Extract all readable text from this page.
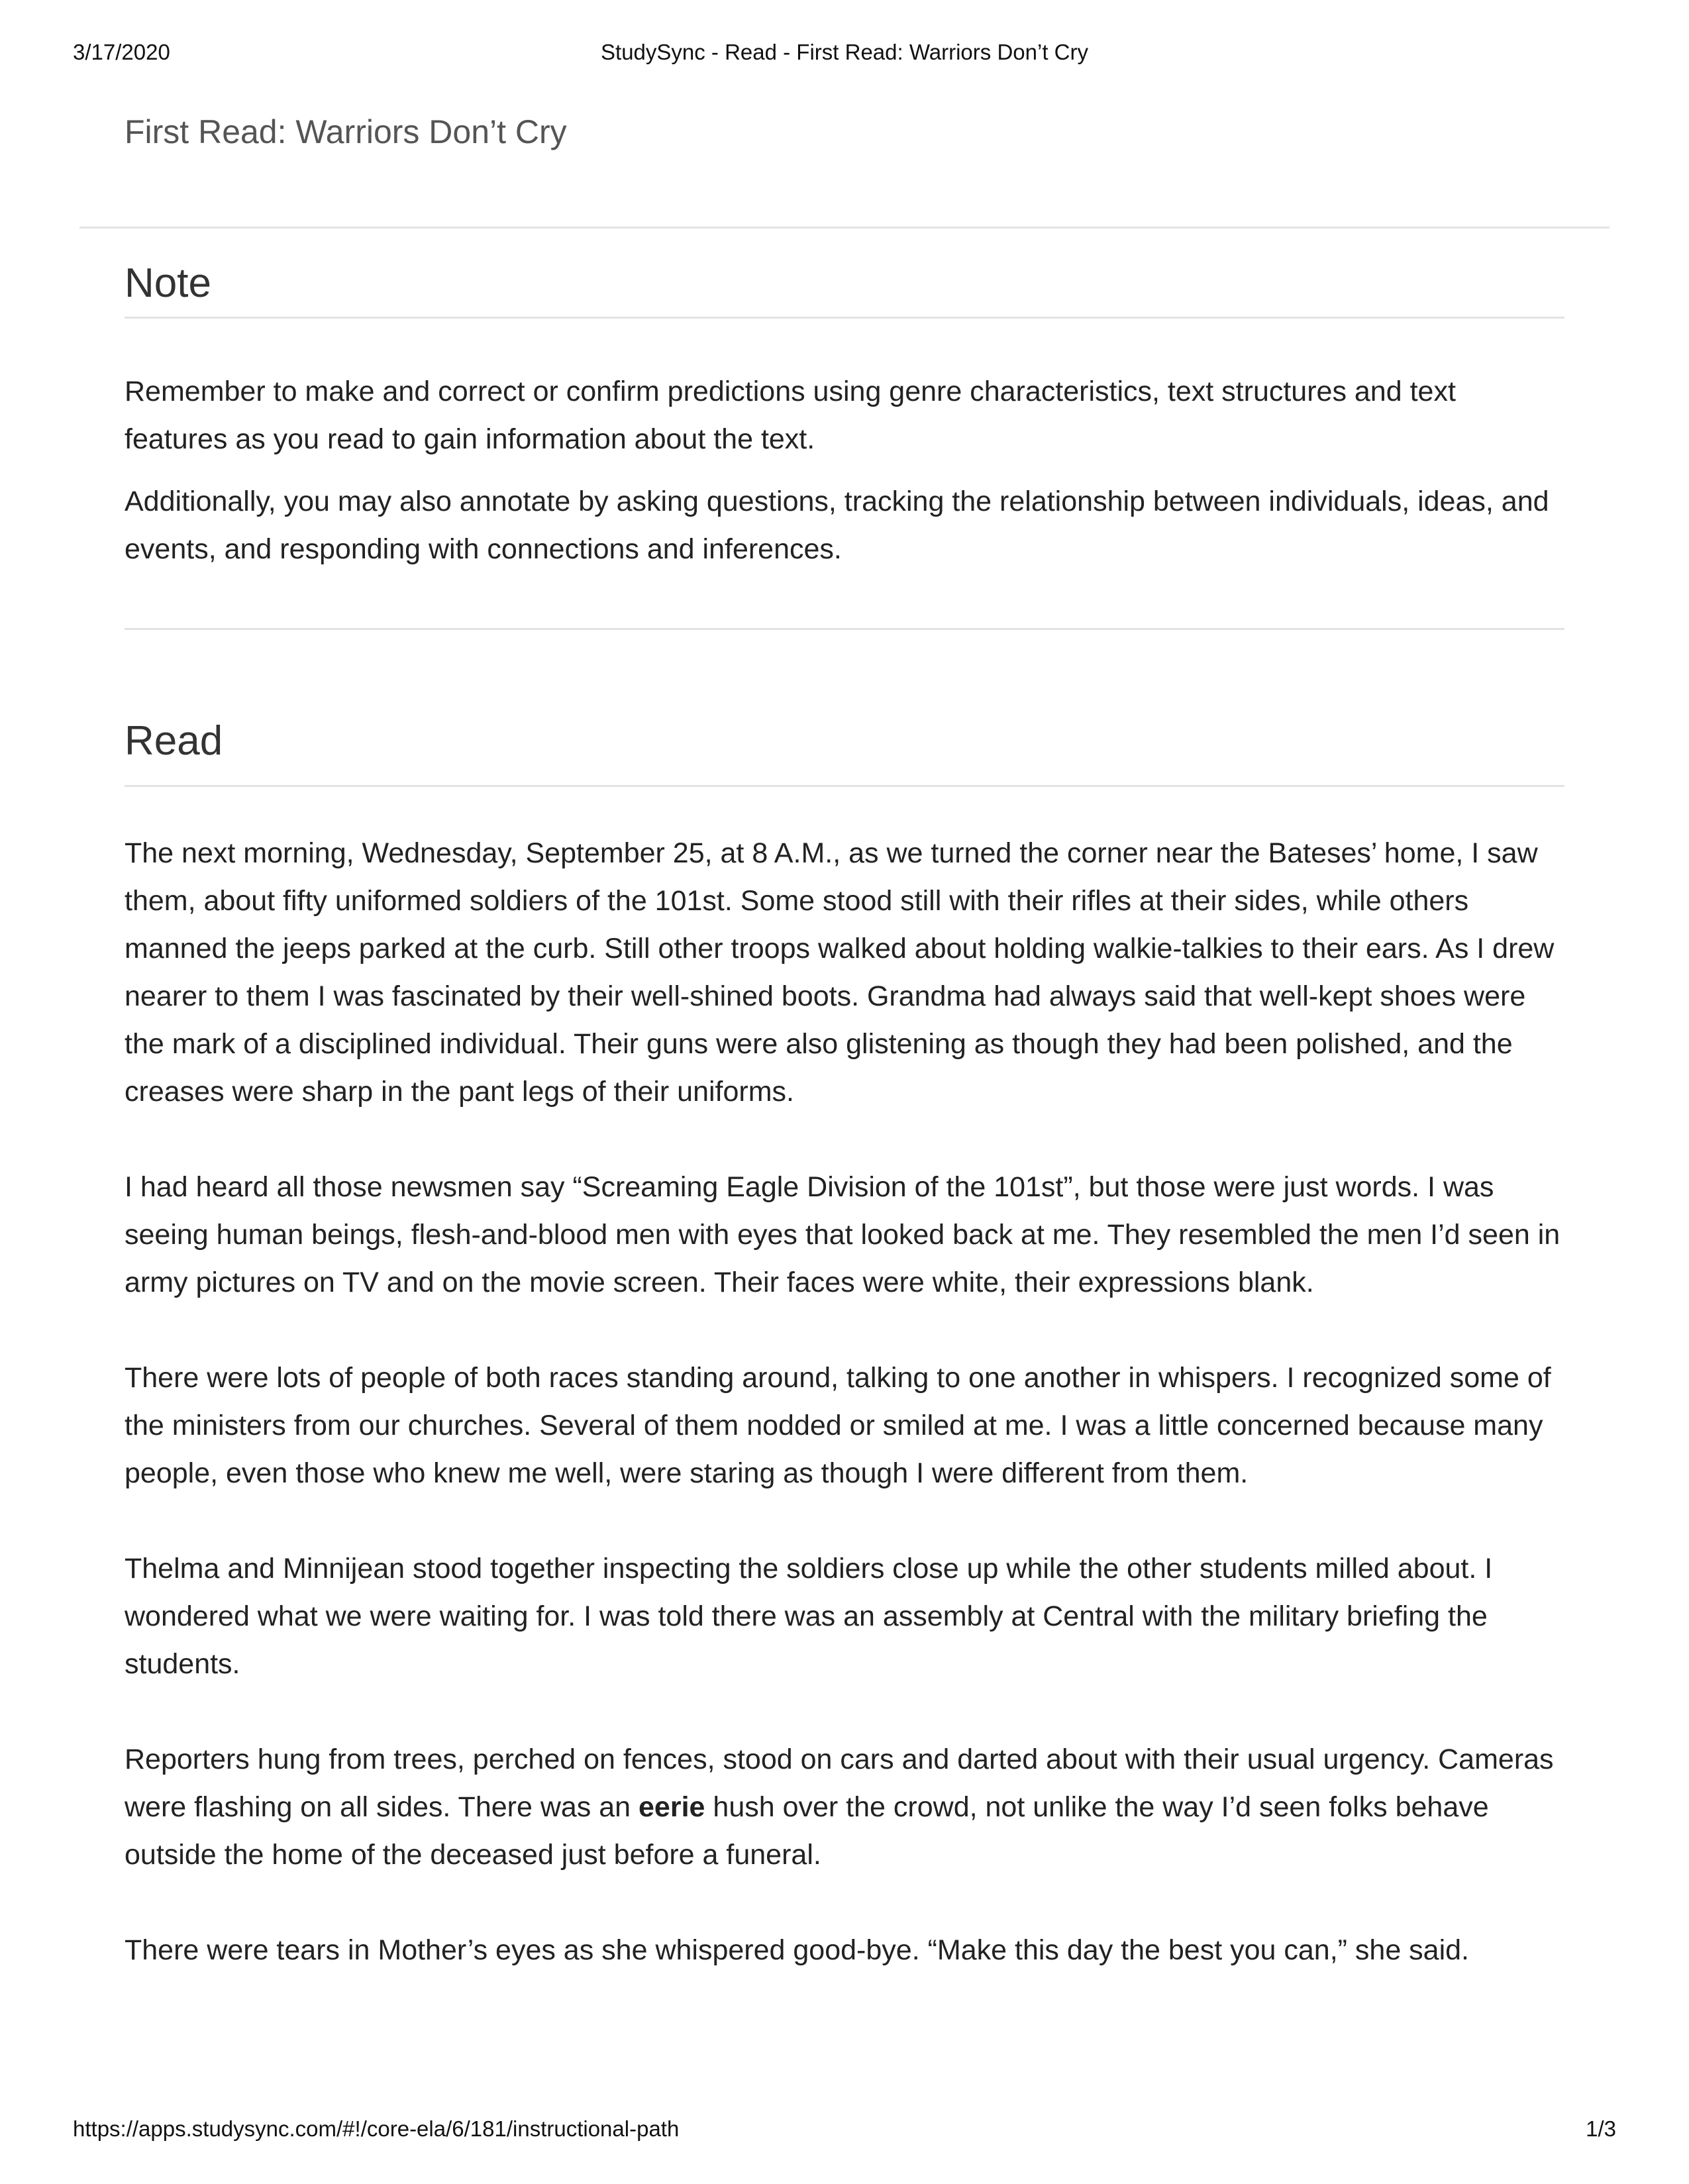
3/17/2020	StudySync - Read - First Read: Warriors Don’t Cry
First Read: Warriors Don’t Cry
Note

Remember to make and correct or confirm predictions using genre characteristics, text structures and text features as you read to gain information about the text.

Additionally, you may also annotate by asking questions, tracking the relationship between individuals, ideas, and events, and responding with connections and inferences.

Read

The next morning, Wednesday, September 25, at 8 A.M., as we turned the corner near the Bateses’ home, I saw them, about fifty uniformed soldiers of the 101st. Some stood still with their rifles at their sides, while others manned the jeeps parked at the curb. Still other troops walked about holding walkie-talkies to their ears. As I drew nearer to them I was fascinated by their well-shined boots. Grandma had always said that well-kept shoes were the mark of a disciplined individual. Their guns were also glistening as though they had been polished, and the creases were sharp in the pant legs of their uniforms.

I had heard all those newsmen say “Screaming Eagle Division of the 101st”, but those were just words. I was seeing human beings, flesh-and-blood men with eyes that looked back at me. They resembled the men I’d seen in army pictures on TV and on the movie screen. Their faces were white, their expressions blank.

There were lots of people of both races standing around, talking to one another in whispers. I recognized some of the ministers from our churches. Several of them nodded or smiled at me. I was a little concerned because many people, even those who knew me well, were staring as though I were different from them.

Thelma and Minnijean stood together inspecting the soldiers close up while the other students milled about. I wondered what we were waiting for. I was told there was an assembly at Central with the military briefing the students.

Reporters hung from trees, perched on fences, stood on cars and darted about with their usual urgency. Cameras were flashing on all sides. There was an eerie hush over the crowd, not unlike the way I’d seen folks behave outside the home of the deceased just before a funeral.

There were tears in Mother’s eyes as she whispered good-bye. “Make this day the best you can,” she said.

https://apps.studysync.com/#!/core-ela/6/181/instructional-path	1/3
